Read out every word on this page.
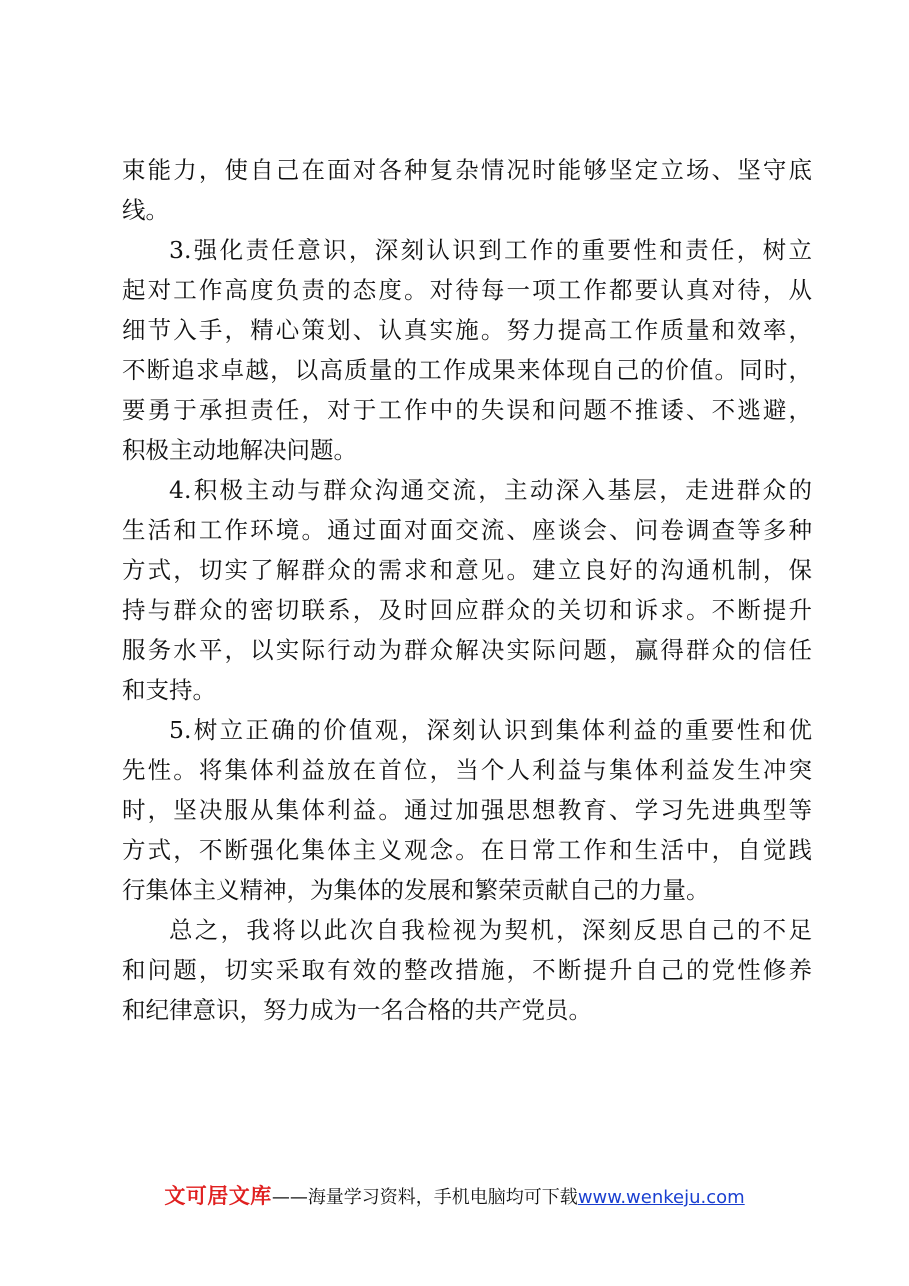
束能力，使自己在面对各种复杂情况时能够坚定立场、坚守底
线。
3.强化责任意识，深刻认识到工作的重要性和责任，树立
起对工作高度负责的态度。对待每一项工作都要认真对待，从
细节入手，精心策划、认真实施。努力提高工作质量和效率，
不断追求卓越，以高质量的工作成果来体现自己的价值。同时，
要勇于承担责任，对于工作中的失误和问题不推诿、不逃避，
积极主动地解决问题。
4.积极主动与群众沟通交流，主动深入基层，走进群众的
生活和工作环境。通过面对面交流、座谈会、问卷调查等多种
方式，切实了解群众的需求和意见。建立良好的沟通机制，保
持与群众的密切联系，及时回应群众的关切和诉求。不断提升
服务水平，以实际行动为群众解决实际问题，赢得群众的信任
和支持。
5.树立正确的价值观，深刻认识到集体利益的重要性和优
先性。将集体利益放在首位，当个人利益与集体利益发生冲突
时，坚决服从集体利益。通过加强思想教育、学习先进典型等
方式，不断强化集体主义观念。在日常工作和生活中，自觉践
行集体主义精神，为集体的发展和繁荣贡献自己的力量。
总之，我将以此次自我检视为契机，深刻反思自己的不足
和问题，切实采取有效的整改措施，不断提升自己的党性修养
和纪律意识，努力成为一名合格的共产党员。
文可居文库——海量学习资料，手机电脑均可下载www.wenkeju.com
